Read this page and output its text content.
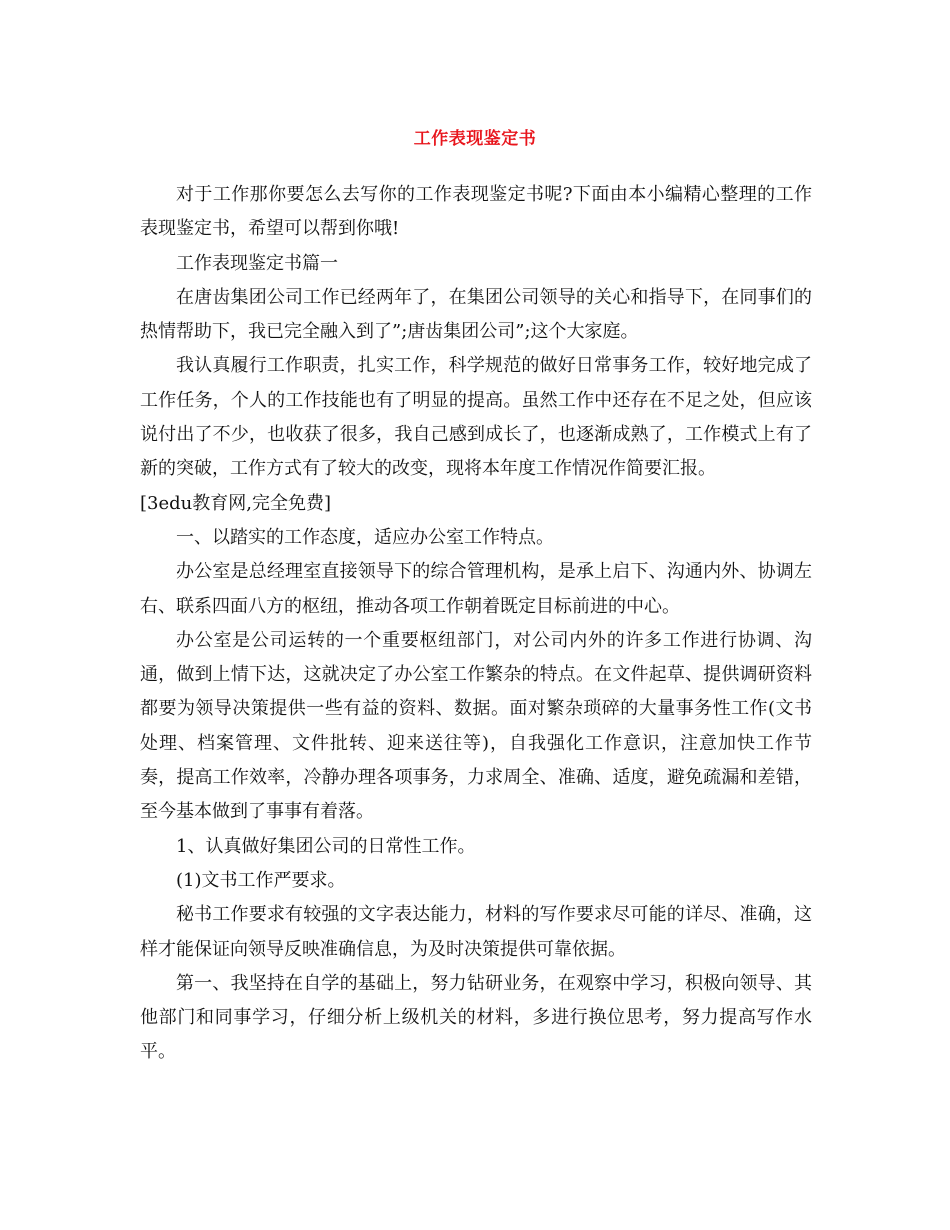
工作表现鉴定书

对于工作那你要怎么去写你的工作表现鉴定书呢?下面由本小编精心整理的工作表现鉴定书，希望可以帮到你哦!

工作表现鉴定书篇一

在唐齿集团公司工作已经两年了，在集团公司领导的关心和指导下，在同事们的热情帮助下，我已完全融入到了”;唐齿集团公司”;这个大家庭。

我认真履行工作职责，扎实工作，科学规范的做好日常事务工作，较好地完成了工作任务，个人的工作技能也有了明显的提高。虽然工作中还存在不足之处，但应该说付出了不少，也收获了很多，我自己感到成长了，也逐渐成熟了，工作模式上有了新的突破，工作方式有了较大的改变，现将本年度工作情况作简要汇报。

[3edu教育网,完全免费]

一、以踏实的工作态度，适应办公室工作特点。

办公室是总经理室直接领导下的综合管理机构，是承上启下、沟通内外、协调左右、联系四面八方的枢纽，推动各项工作朝着既定目标前进的中心。

办公室是公司运转的一个重要枢纽部门，对公司内外的许多工作进行协调、沟通，做到上情下达，这就决定了办公室工作繁杂的特点。在文件起草、提供调研资料都要为领导决策提供一些有益的资料、数据。面对繁杂琐碎的大量事务性工作(文书处理、档案管理、文件批转、迎来送往等)，自我强化工作意识，注意加快工作节奏，提高工作效率，冷静办理各项事务，力求周全、准确、适度，避免疏漏和差错，至今基本做到了事事有着落。

1、认真做好集团公司的日常性工作。

(1)文书工作严要求。

秘书工作要求有较强的文字表达能力，材料的写作要求尽可能的详尽、准确，这样才能保证向领导反映准确信息，为及时决策提供可靠依据。

第一、我坚持在自学的基础上，努力钻研业务，在观察中学习，积极向领导、其他部门和同事学习，仔细分析上级机关的材料，多进行换位思考，努力提高写作水平。
